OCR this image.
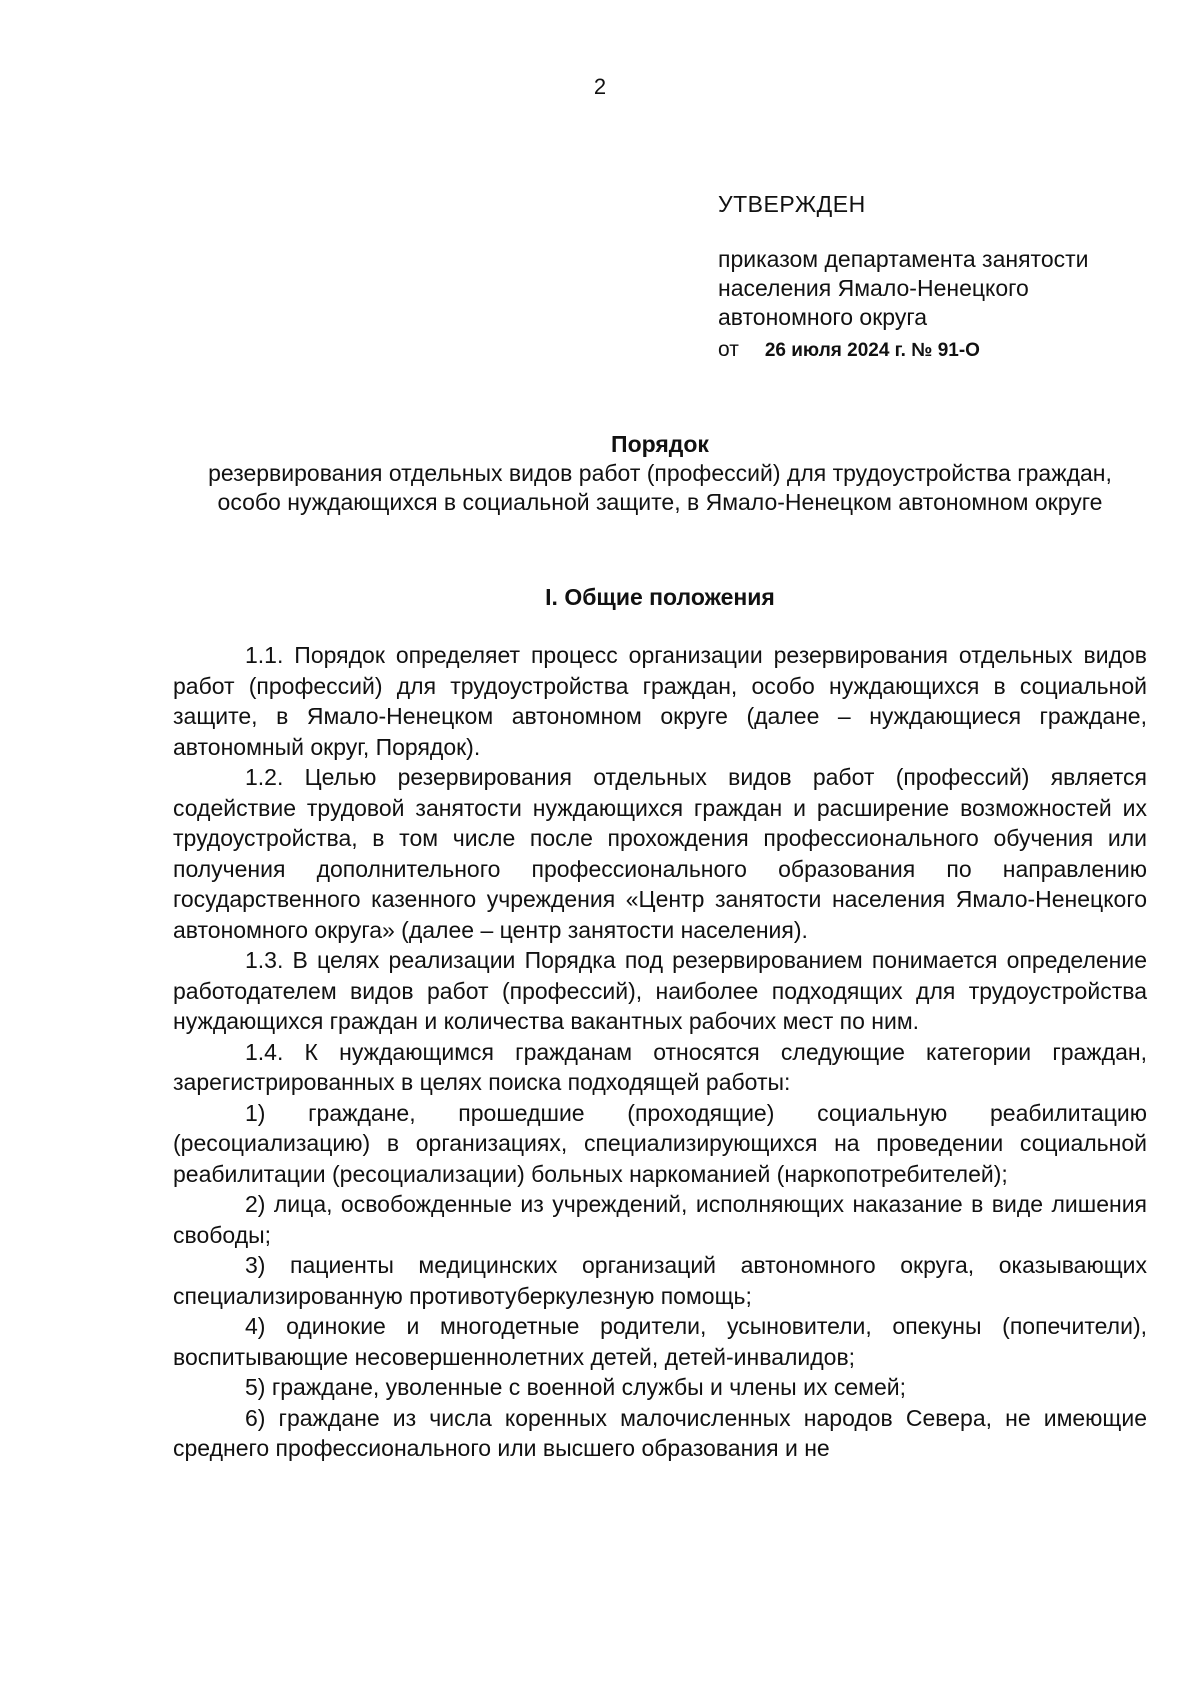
2

УТВЕРЖДЕН

приказом департамента занятости населения Ямало-Ненецкого автономного округа

от 26 июля 2024 г. № 91-О

Порядок

резервирования отдельных видов работ (профессий) для трудоустройства граждан, особо нуждающихся в социальной защите, в Ямало-Ненецком автономном округе

I. Общие положения

1.1. Порядок определяет процесс организации резервирования отдельных видов работ (профессий) для трудоустройства граждан, особо нуждающихся в социальной защите, в Ямало-Ненецком автономном округе (далее – нуждающиеся граждане, автономный округ, Порядок).

1.2. Целью резервирования отдельных видов работ (профессий) является содействие трудовой занятости нуждающихся граждан и расширение возможностей их трудоустройства, в том числе после прохождения профессионального обучения или получения дополнительного профессионального образования по направлению государственного казенного учреждения «Центр занятости населения Ямало-Ненецкого автономного округа» (далее – центр занятости населения).

1.3. В целях реализации Порядка под резервированием понимается определение работодателем видов работ (профессий), наиболее подходящих для трудоустройства нуждающихся граждан и количества вакантных рабочих мест по ним.

1.4. К нуждающимся гражданам относятся следующие категории граждан, зарегистрированных в целях поиска подходящей работы:

1) граждане, прошедшие (проходящие) социальную реабилитацию (ресоциализацию) в организациях, специализирующихся на проведении социальной реабилитации (ресоциализации) больных наркоманией (наркопотребителей);

2) лица, освобожденные из учреждений, исполняющих наказание в виде лишения свободы;

3) пациенты медицинских организаций автономного округа, оказывающих специализированную противотуберкулезную помощь;

4) одинокие и многодетные родители, усыновители, опекуны (попечители), воспитывающие несовершеннолетних детей, детей-инвалидов;

5) граждане, уволенные с военной службы и члены их семей;

6) граждане из числа коренных малочисленных народов Севера, не имеющие среднего профессионального или высшего образования и не
